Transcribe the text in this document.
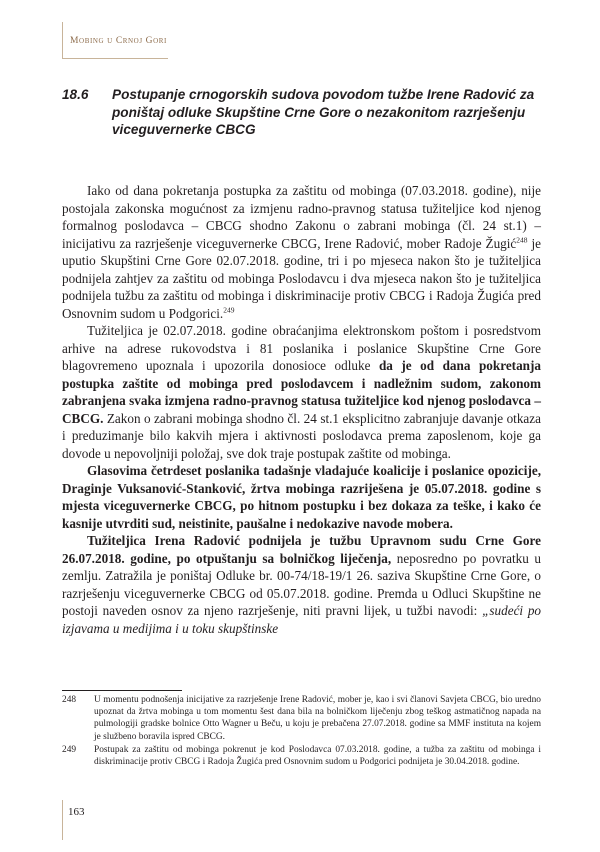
Mobing u Crnoj Gori
18.6 Postupanje crnogorskih sudova povodom tužbe Irene Radović za poništaj odluke Skupštine Crne Gore o nezakonitom razrješenju viceguvernerke CBCG

Iako od dana pokretanja postupka za zaštitu od mobinga (07.03.2018. godine), nije postojala zakonska mogućnost za izmjenu radno-pravnog statusa tužiteljice kod njenog formalnog poslodavca – CBCG shodno Zakonu o zabrani mobinga (čl. 24 st.1) – inicijativu za razrješenje viceguvernerke CBCG, Irene Radović, mober Radoje Žugić$^{248}$ je uputio Skupštini Crne Gore 02.07.2018. godine, tri i po mjeseca nakon što je tužiteljica podnijela zahtjev za zaštitu od mobinga Poslodavcu i dva mjeseca nakon što je tužiteljica podnijela tužbu za zaštitu od mobinga i diskriminacije protiv CBCG i Radoja Žugića pred Osnovnim sudom u Podgorici.$^{249}$

Tužiteljica je 02.07.2018. godine obraćanjima elektronskom poštom i posredstvom arhive na adrese rukovodstva i 81 poslanika i poslanice Skupštine Crne Gore blagovremeno upoznala i upozorila donosioce odluke da je od dana pokretanja postupka zaštite od mobinga pred poslodavcem i nadležnim sudom, zakonom zabranjena svaka izmjena radno-pravnog statusa tužiteljice kod njenog poslodavca – CBCG. Zakon o zabrani mobinga shodno čl. 24 st.1 eksplicitno zabranjuje davanje otkaza i preduzimanje bilo kakvih mjera i aktivnosti poslodavca prema zaposlenom, koje ga dovode u nepovoljniji položaj, sve dok traje postupak zaštite od mobinga.

Glasovima četrdeset poslanika tadašnje vladajuće koalicije i poslanice opozicije, Draginje Vuksanović-Stanković, žrtva mobinga razriješena je 05.07.2018. godine s mjesta viceguvernerke CBCG, po hitnom postupku i bez dokaza za teške, i kako će kasnije utvrditi sud, neistinite, paušalne i nedokazive navode mobera.

Tužiteljica Irena Radović podnijela je tužbu Upravnom sudu Crne Gore 26.07.2018. godine, po otpuštanju sa bolničkog liječenja, neposredno po povratku u zemlju. Zatražila je poništaj Odluke br. 00-74/18-19/1 26. saziva Skupštine Crne Gore, o razrješenju viceguvernerke CBCG od 05.07.2018. godine. Premda u Odluci Skupštine ne postoji naveden osnov za njeno razrješenje, niti pravni lijek, u tužbi navodi: „sudeći po izjavama u medijima i u toku skupštinske

248 U momentu podnošenja inicijative za razrješenje Irene Radović, mober je, kao i svi članovi Savjeta CBCG, bio uredno upoznat da žrtva mobinga u tom momentu šest dana bila na bolničkom liječenju zbog teškog astmatičnog napada na pulmologiji gradske bolnice Otto Wagner u Beču, u koju je prebačena 27.07.2018. godine sa MMF instituta na kojem je službeno boravila ispred CBCG.
249 Postupak za zaštitu od mobinga pokrenut je kod Poslodavca 07.03.2018. godine, a tužba za zaštitu od mobinga i diskriminacije protiv CBCG i Radoja Žugića pred Osnovnim sudom u Podgorici podnijeta je 30.04.2018. godine.
163
